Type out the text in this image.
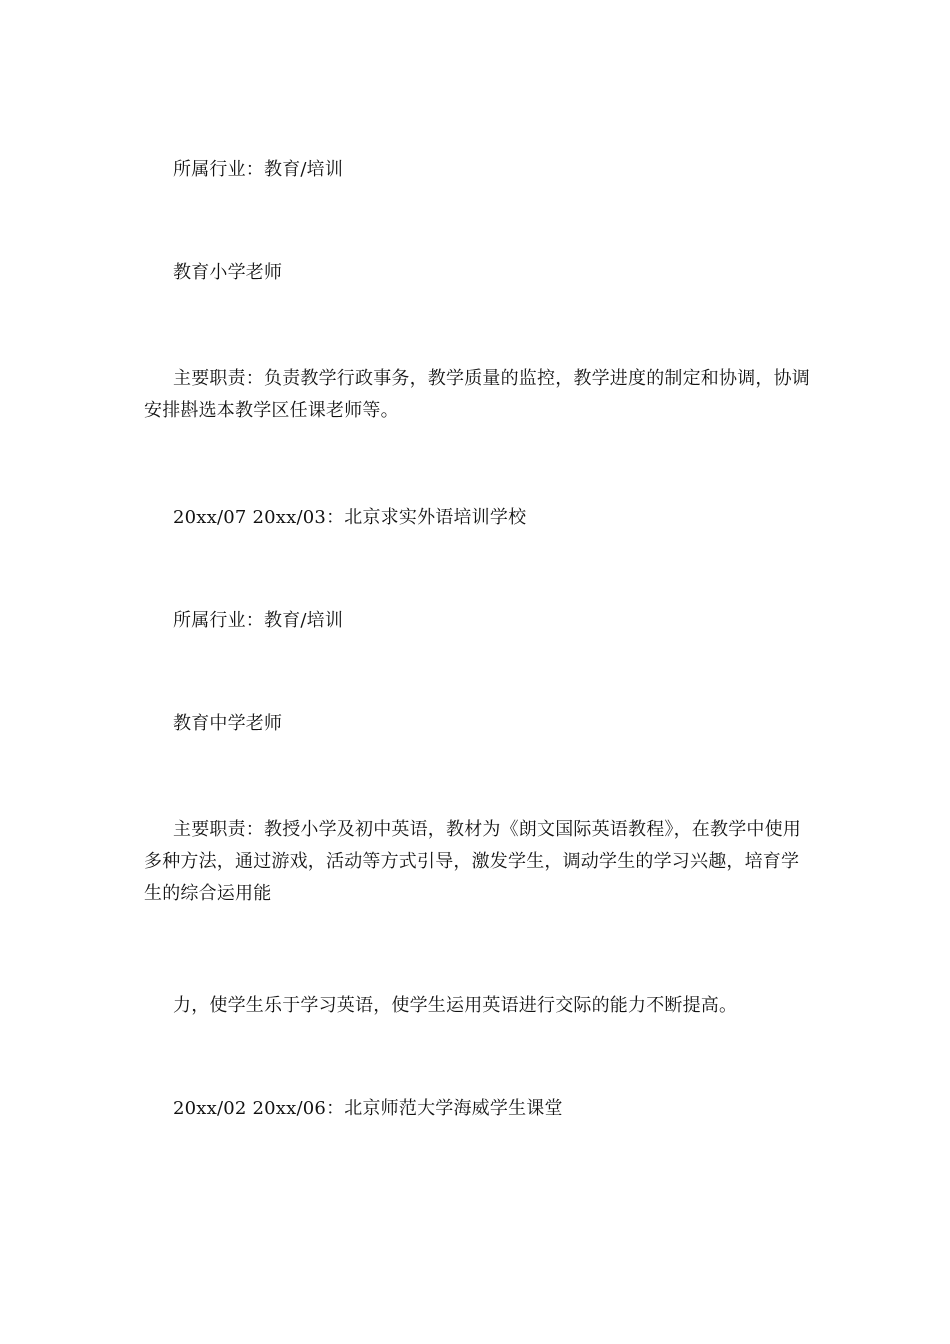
所属行业：教育/培训

教育小学老师

主要职责：负责教学行政事务，教学质量的监控，教学进度的制定和协调，协调安排斟选本教学区任课老师等。

20xx/07 20xx/03：北京求实外语培训学校

所属行业：教育/培训

教育中学老师

主要职责：教授小学及初中英语，教材为《朗文国际英语教程》，在教学中使用多种方法，通过游戏，活动等方式引导，激发学生，调动学生的学习兴趣，培育学生的综合运用能

力，使学生乐于学习英语，使学生运用英语进行交际的能力不断提高。

20xx/02 20xx/06：北京师范大学海威学生课堂
